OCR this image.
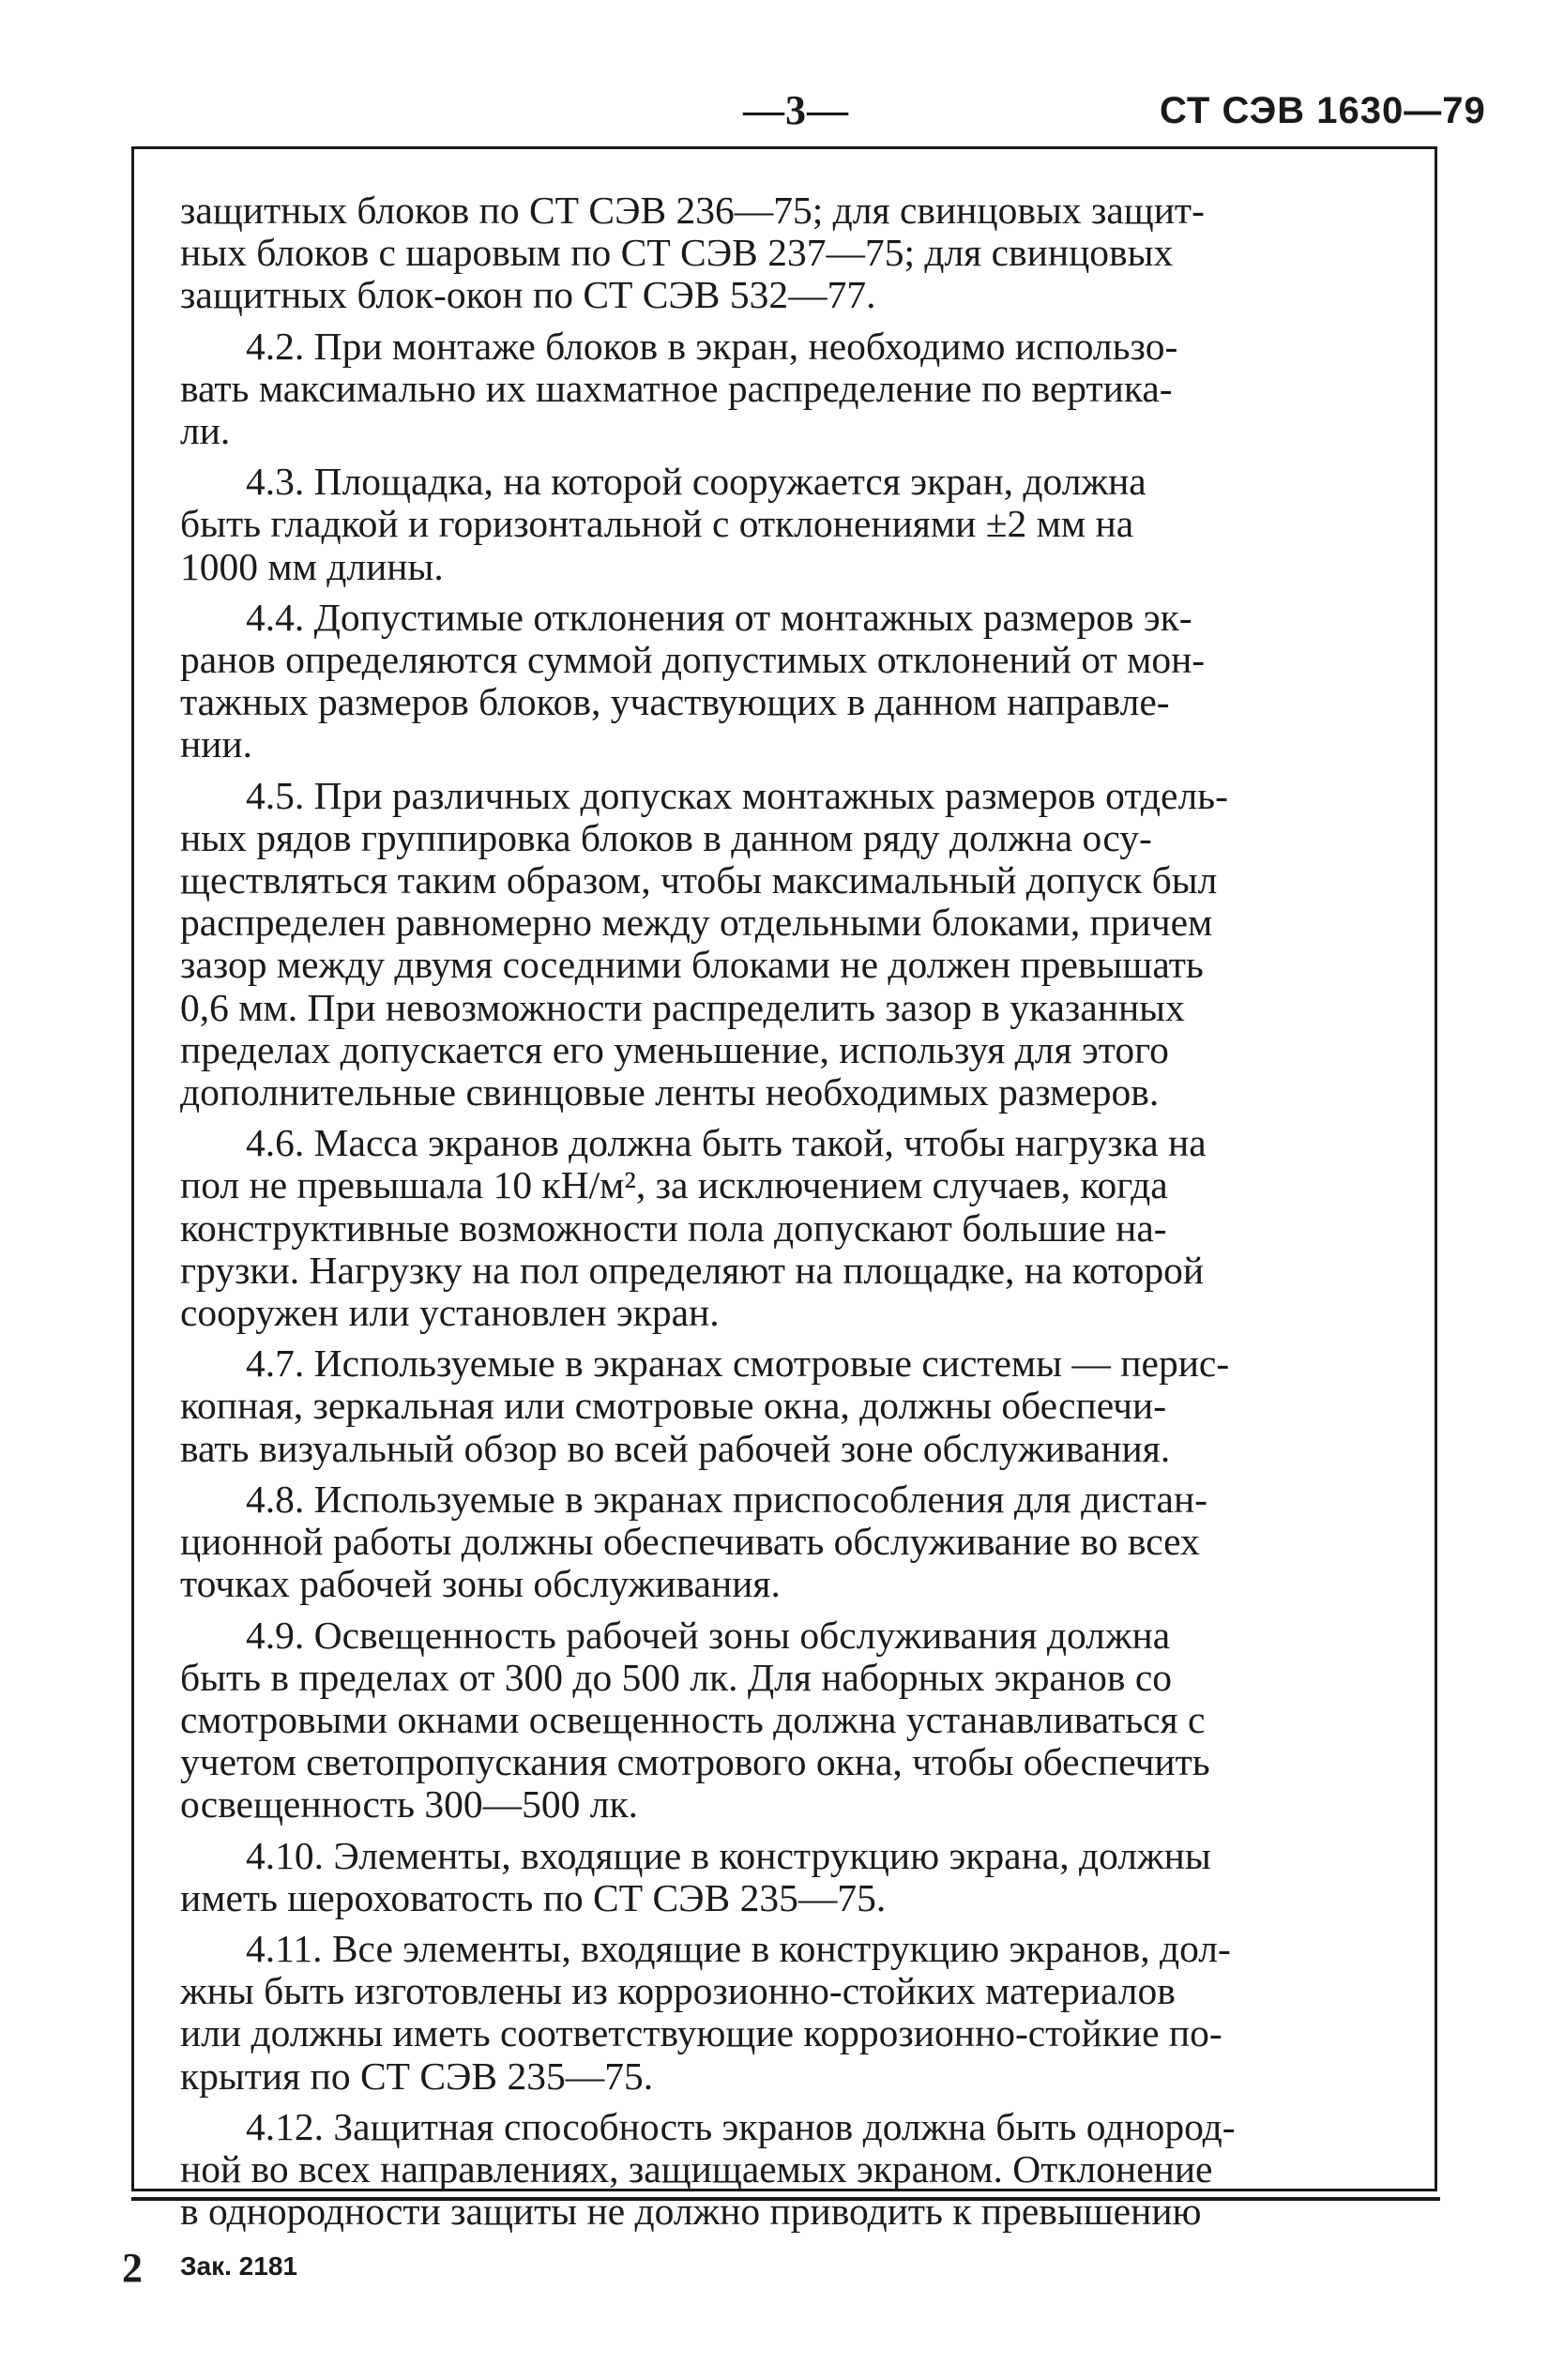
—3—	СТ СЭВ 1630—79

защитных блоков по СТ СЭВ 236—75; для свинцовых защит-
ных блоков с шаровым по СТ СЭВ 237—75; для свинцовых
защитных блок-окон по СТ СЭВ 532—77.

4.2. При монтаже блоков в экран, необходимо использо-
вать максимально их шахматное распределение по вертика-
ли.

4.3. Площадка, на которой сооружается экран, должна
быть гладкой и горизонтальной с отклонениями ±2 мм на
1000 мм длины.

4.4. Допустимые отклонения от монтажных размеров эк-
ранов определяются суммой допустимых отклонений от мон-
тажных размеров блоков, участвующих в данном направле-
нии.

4.5. При различных допусках монтажных размеров отдель-
ных рядов группировка блоков в данном ряду должна осу-
ществляться таким образом, чтобы максимальный допуск был
распределен равномерно между отдельными блоками, причем
зазор между двумя соседними блоками не должен превышать
0,6 мм. При невозможности распределить зазор в указанных
пределах допускается его уменьшение, используя для этого
дополнительные свинцовые ленты необходимых размеров.

4.6. Масса экранов должна быть такой, чтобы нагрузка на
пол не превышала 10 кН/м², за исключением случаев, когда
конструктивные возможности пола допускают большие на-
грузки. Нагрузку на пол определяют на площадке, на которой
сооружен или установлен экран.

4.7. Используемые в экранах смотровые системы — перис-
копная, зеркальная или смотровые окна, должны обеспечи-
вать визуальный обзор во всей рабочей зоне обслуживания.

4.8. Используемые в экранах приспособления для дистан-
ционной работы должны обеспечивать обслуживание во всех
точках рабочей зоны обслуживания.

4.9. Освещенность рабочей зоны обслуживания должна
быть в пределах от 300 до 500 лк. Для наборных экранов со
смотровыми окнами освещенность должна устанавливаться с
учетом светопропускания смотрового окна, чтобы обеспечить
освещенность 300—500 лк.

4.10. Элементы, входящие в конструкцию экрана, должны
иметь шероховатость по СТ СЭВ 235—75.

4.11. Все элементы, входящие в конструкцию экранов, дол-
жны быть изготовлены из коррозионно-стойких материалов
или должны иметь соответствующие коррозионно-стойкие по-
крытия по СТ СЭВ 235—75.

4.12. Защитная способность экранов должна быть однород-
ной во всех направлениях, защищаемых экраном. Отклонение
в однородности защиты не должно приводить к превышению

2 Зак. 2181
